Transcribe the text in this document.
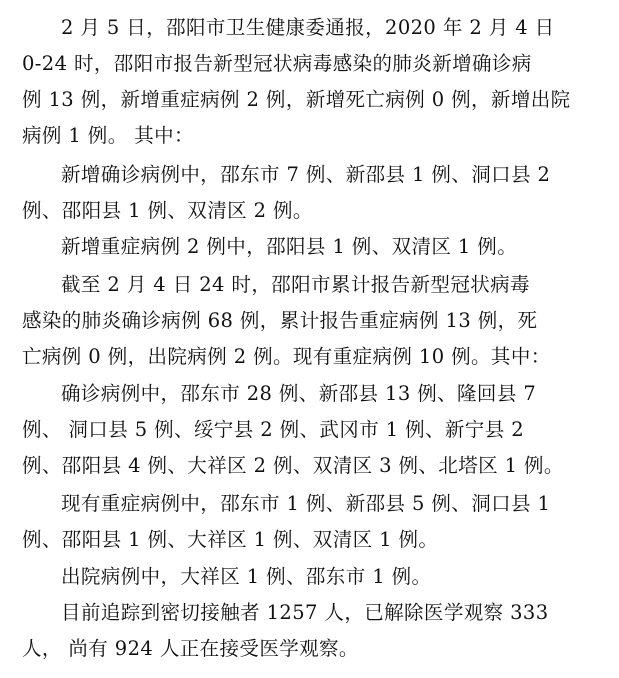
2 月 5 日，邵阳市卫生健康委通报，2020 年 2 月 4 日
0-24 时，邵阳市报告新型冠状病毒感染的肺炎新增确诊病
例 13 例，新增重症病例 2 例，新增死亡病例 0 例，新增出院
病例 1 例。 其中：
新增确诊病例中，邵东市 7 例、新邵县 1 例、洞口县 2
例、邵阳县 1 例、双清区 2 例。
新增重症病例 2 例中，邵阳县 1 例、双清区 1 例。
截至 2 月 4 日 24 时，邵阳市累计报告新型冠状病毒
感染的肺炎确诊病例 68 例，累计报告重症病例 13 例，死
亡病例 0 例，出院病例 2 例。现有重症病例 10 例。其中：
确诊病例中，邵东市 28 例、新邵县 13 例、隆回县 7
例、 洞口县 5 例、绥宁县 2 例、武冈市 1 例、新宁县 2
例、邵阳县 4 例、大祥区 2 例、双清区 3 例、北塔区 1 例。
现有重症病例中，邵东市 1 例、新邵县 5 例、洞口县 1
例、邵阳县 1 例、大祥区 1 例、双清区 1 例。
出院病例中，大祥区 1 例、邵东市 1 例。
目前追踪到密切接触者 1257 人，已解除医学观察 333
人， 尚有 924 人正在接受医学观察。
